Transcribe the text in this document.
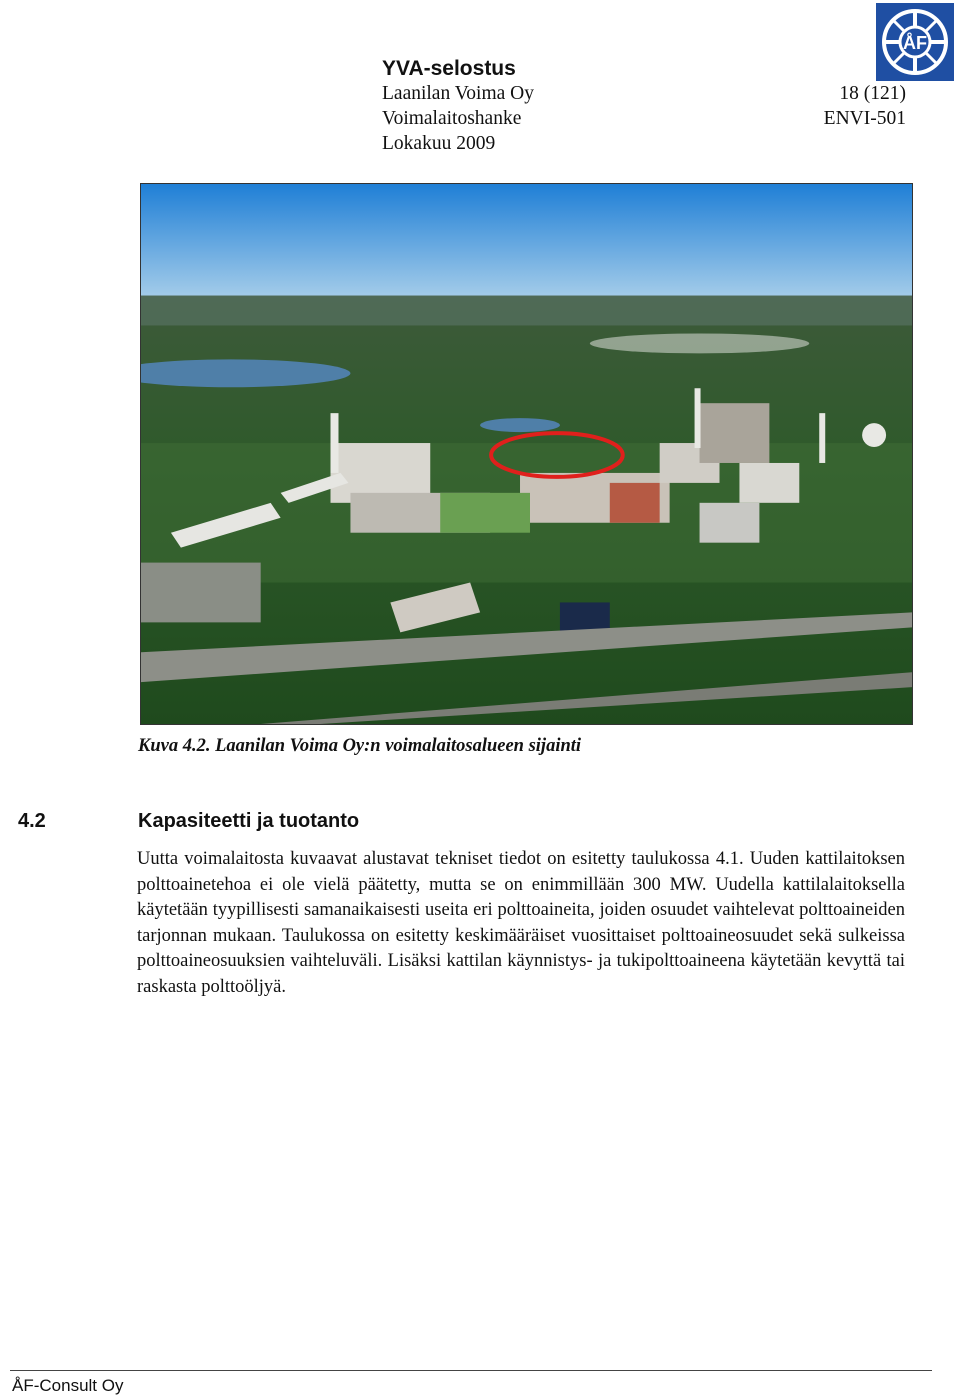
ÅF
YVA-selostus
Laanilan Voima Oy	18 (121)
Voimalaitoshanke	ENVI-501
Lokakuu 2009
Kuva 4.2. Laanilan Voima Oy:n voimalaitosalueen sijainti
4.2	Kapasiteetti ja tuotanto

Uutta voimalaitosta kuvaavat alustavat tekniset tiedot on esitetty taulukossa 4.1. Uuden kattilaitoksen polttoainetehoa ei ole vielä päätetty, mutta se on enimmillään 300 MW. Uudella kattilalaitoksella käytetään tyypillisesti samanaikaisesti useita eri polttoaineita, joiden osuudet vaihtelevat polttoaineiden tarjonnan mukaan. Taulukossa on esitetty keskimääräiset vuosittaiset polttoaineosuudet sekä sulkeissa polttoaineosuuksien vaihteluväli. Lisäksi kattilan käynnistys- ja tukipolttoaineena käytetään kevyttä tai raskasta polttoöljyä.

ÅF-Consult Oy
